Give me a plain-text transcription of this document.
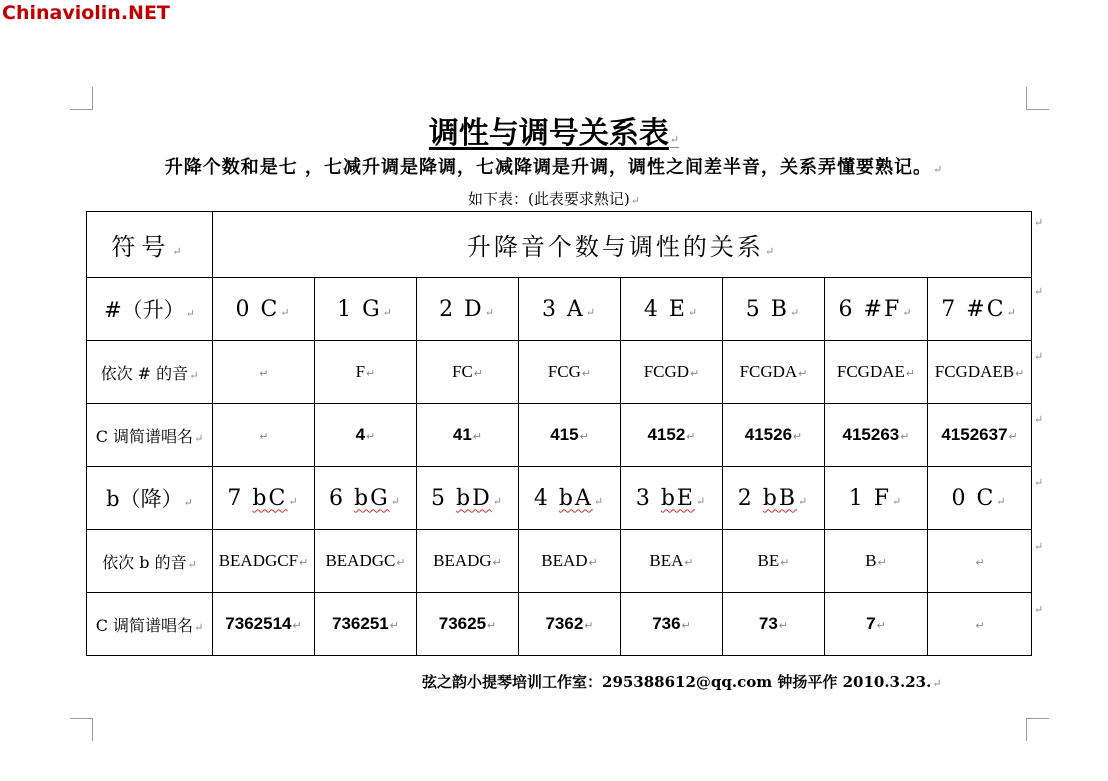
Chinaviolin.NET
调性与调号关系表↵
升降个数和是七 ，七减升调是降调，七减降调是升调，调性之间差半音，关系弄懂要熟记。↵
如下表：(此表要求熟记)↵
符号↵	升降音个数与调性的关系↵							
#（升）↵	0 C↵	1 G↵	2 D↵	3 A↵	4 E↵	5 B↵	6 #F↵	7 #C↵
依次 # 的音↵	↵	F↵	FC↵	FCG↵	FCGD↵	FCGDA↵	FCGDAE↵	FCGDAEB↵
C 调简谱唱名↵	↵	4↵	41↵	415↵	4152↵	41526↵	415263↵	4152637↵
b（降）↵	7 bC↵	6 bG↵	5 bD↵	4 bA↵	3 bE↵	2 bB↵	1 F↵	0 C↵
依次 b 的音↵	BEADGCF↵	BEADGC↵	BEADG↵	BEAD↵	BEA↵	BE↵	B↵	↵
C 调简谱唱名↵	7362514↵	736251↵	73625↵	7362↵	736↵	73↵	7↵	↵
弦之韵小提琴培训工作室：295388612@qq.com 钟扬平作 2010.3.23.↵
↵
↵
↵
↵
↵
↵
↵
